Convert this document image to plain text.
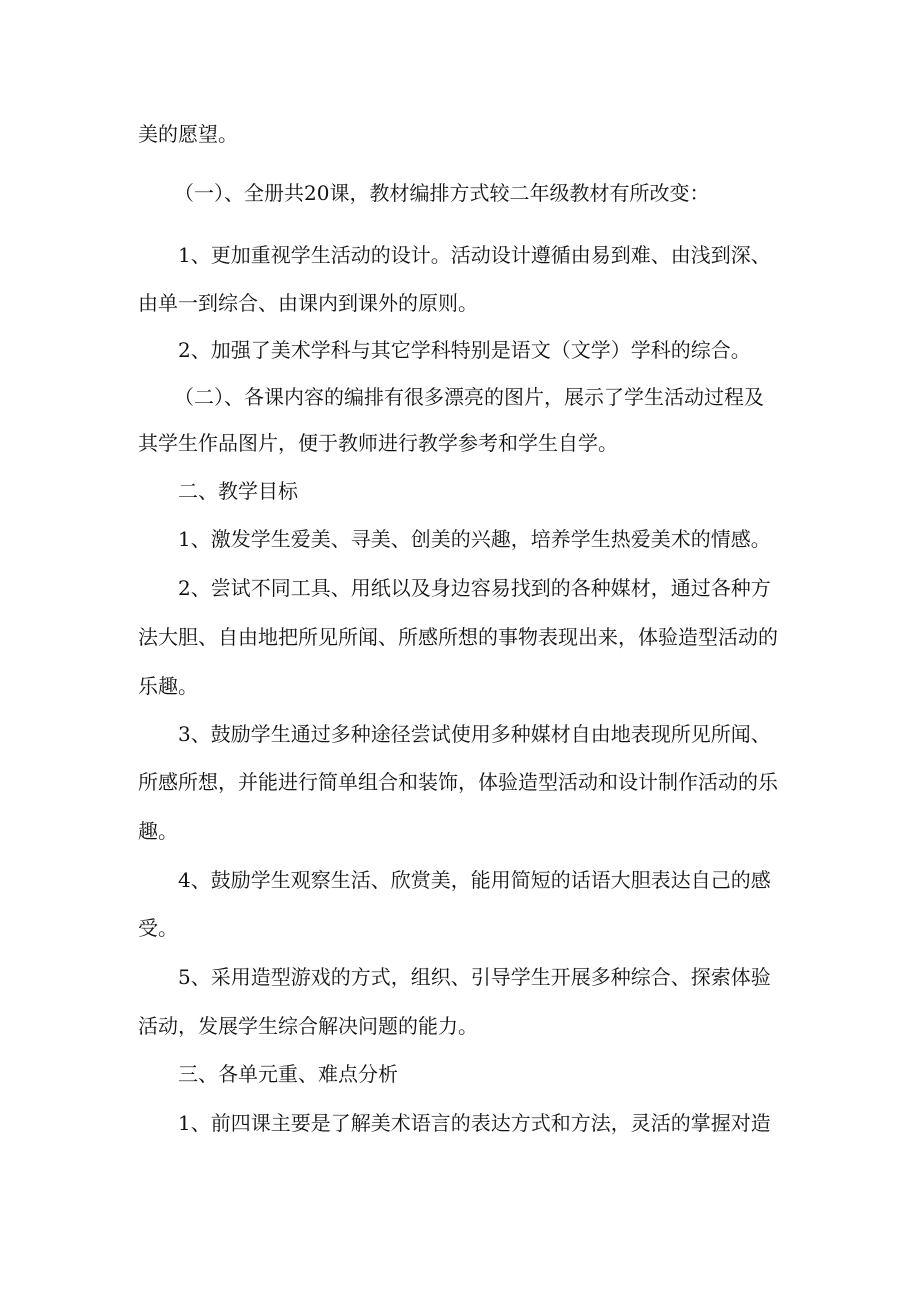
美的愿望。
（一）、全册共20课，教材编排方式较二年级教材有所改变：
1、更加重视学生活动的设计。活动设计遵循由易到难、由浅到深、
由单一到综合、由课内到课外的原则。
2、加强了美术学科与其它学科特别是语文（文学）学科的综合。
（二）、各课内容的编排有很多漂亮的图片，展示了学生活动过程及
其学生作品图片，便于教师进行教学参考和学生自学。
二、教学目标
1、激发学生爱美、寻美、创美的兴趣，培养学生热爱美术的情感。
2、尝试不同工具、用纸以及身边容易找到的各种媒材，通过各种方
法大胆、自由地把所见所闻、所感所想的事物表现出来，体验造型活动的
乐趣。
3、鼓励学生通过多种途径尝试使用多种媒材自由地表现所见所闻、
所感所想，并能进行简单组合和装饰，体验造型活动和设计制作活动的乐
趣。
4、鼓励学生观察生活、欣赏美，能用简短的话语大胆表达自己的感
受。
5、采用造型游戏的方式，组织、引导学生开展多种综合、探索体验
活动，发展学生综合解决问题的能力。
三、各单元重、难点分析
1、前四课主要是了解美术语言的表达方式和方法，灵活的掌握对造
